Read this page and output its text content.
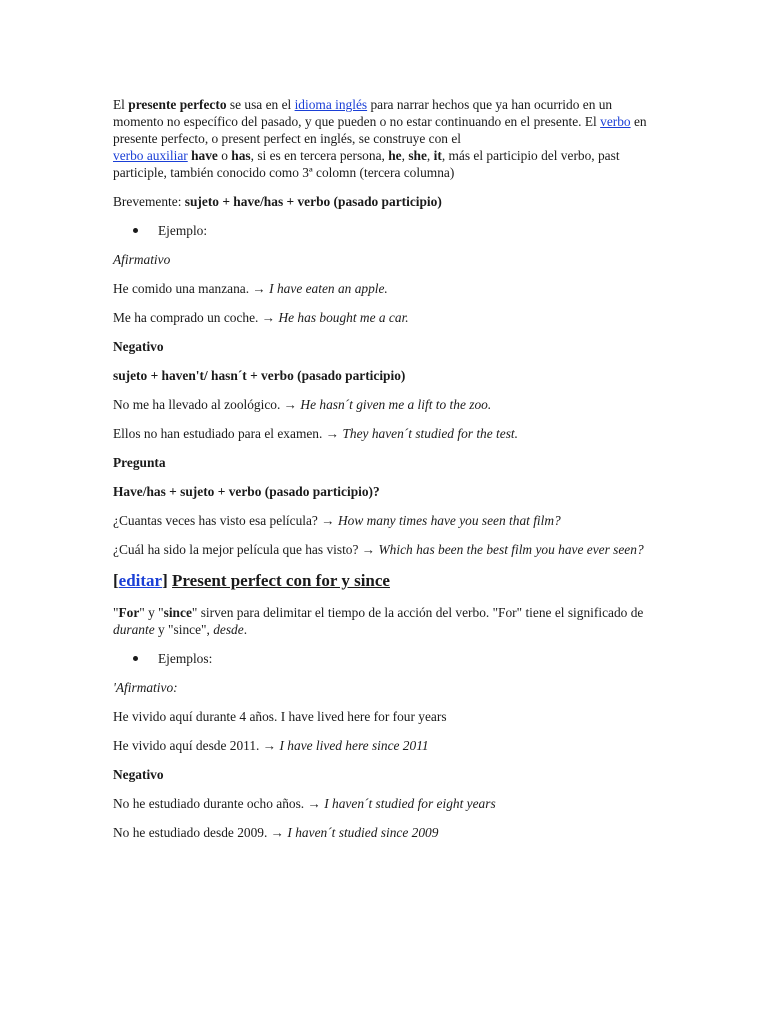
El presente perfecto se usa en el idioma inglés para narrar hechos que ya han ocurrido en un momento no específico del pasado, y que pueden o no estar continuando en el presente. El verbo en presente perfecto, o present perfect en inglés, se construye con el
verbo auxiliar have o has, si es en tercera persona, he, she, it, más el participio del verbo, past participle, también conocido como 3ª colomn (tercera columna)

Brevemente: sujeto + have/has + verbo (pasado participio)

Ejemplo:

Afirmativo

He comido una manzana. → I have eaten an apple.

Me ha comprado un coche. → He has bought me a car.

Negativo

sujeto + haven't/ hasn´t + verbo (pasado participio)

No me ha llevado al zoológico. → He hasn´t given me a lift to the zoo.

Ellos no han estudiado para el examen. → They haven´t studied for the test.

Pregunta

Have/has + sujeto + verbo (pasado participio)?

¿Cuantas veces has visto esa película? → How many times have you seen that film?

¿Cuál ha sido la mejor película que has visto? → Which has been the best film you have ever seen?

[editar] Present perfect con for y since

"For" y "since" sirven para delimitar el tiempo de la acción del verbo. "For" tiene el significado de durante y "since", desde.

Ejemplos:

'Afirmativo:

He vivido aquí durante 4 años. I have lived here for four years

He vivido aquí desde 2011. → I have lived here since 2011

Negativo

No he estudiado durante ocho años. → I haven´t studied for eight years

No he estudiado desde 2009. → I haven´t studied since 2009
